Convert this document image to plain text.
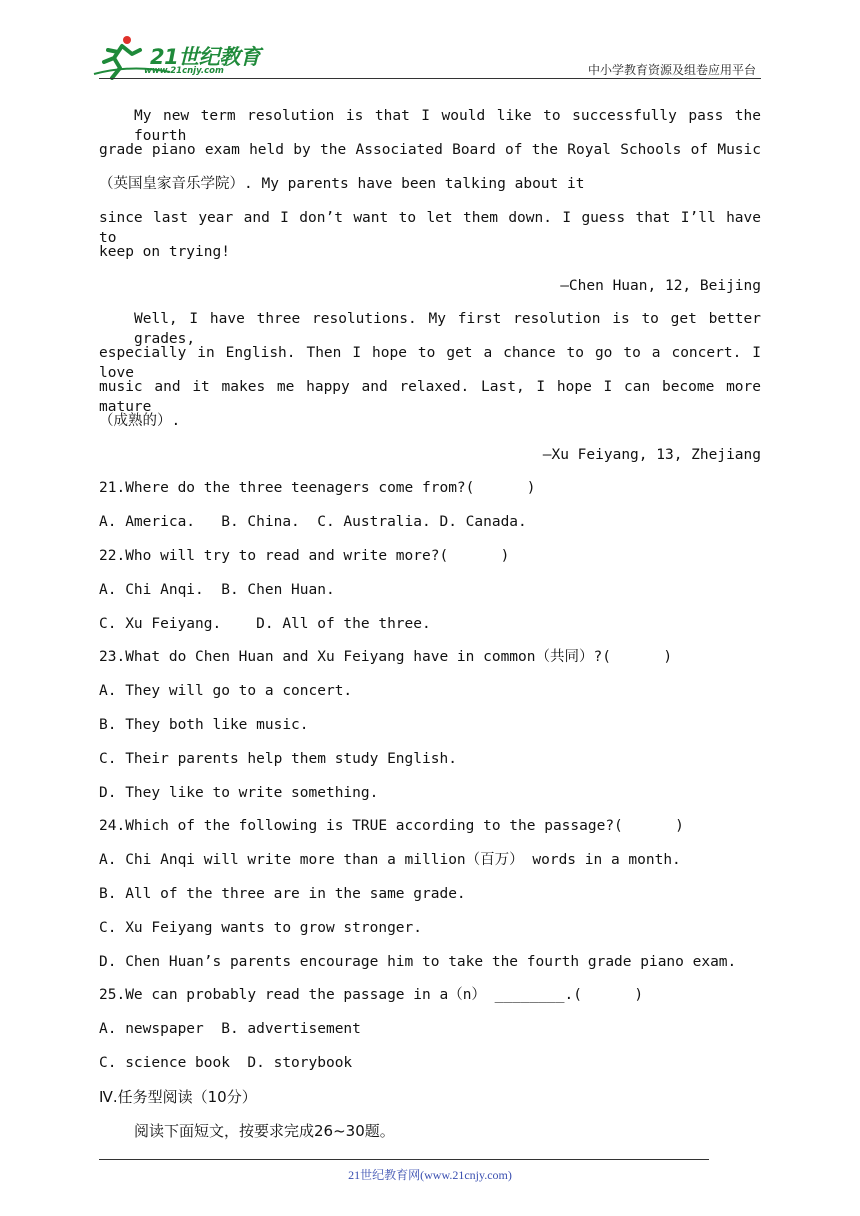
21世纪教育
www.21cnjy.com	中小学教育资源及组卷应用平台
My new term resolution is that I would like to successfully pass the fourth
grade piano exam held by the Associated Board of the Royal Schools of Music
（英国皇家音乐学院）. My parents have been talking about it
since last year and I don’t want to let them down. I guess that I’ll have to
keep on trying!
—Chen Huan, 12, Beijing
Well, I have three resolutions. My first resolution is to get better grades,
especially in English. Then I hope to get a chance to go to a concert. I love
music and it makes me happy and relaxed. Last, I hope I can become more mature
（成熟的）.
—Xu Feiyang, 13, Zhejiang
21.Where do the three teenagers come from?(      )
A. America.   B. China.  C. Australia. D. Canada.
22.Who will try to read and write more?(      )
A. Chi Anqi.  B. Chen Huan.
C. Xu Feiyang.    D. All of the three.
23.What do Chen Huan and Xu Feiyang have in common（共同）?(      )
A. They will go to a concert.
B. They both like music.
C. Their parents help them study English.
D. They like to write something.
24.Which of the following is TRUE according to the passage?(      )
A. Chi Anqi will write more than a million（百万） words in a month.
B. All of the three are in the same grade.
C. Xu Feiyang wants to grow stronger.
D. Chen Huan’s parents encourage him to take the fourth grade piano exam.
25.We can probably read the passage in a（n） ________.(      )
A. newspaper  B. advertisement
C. science book  D. storybook
Ⅳ.任务型阅读（10分）
阅读下面短文，按要求完成26~30题。
21世纪教育网(www.21cnjy.com)
